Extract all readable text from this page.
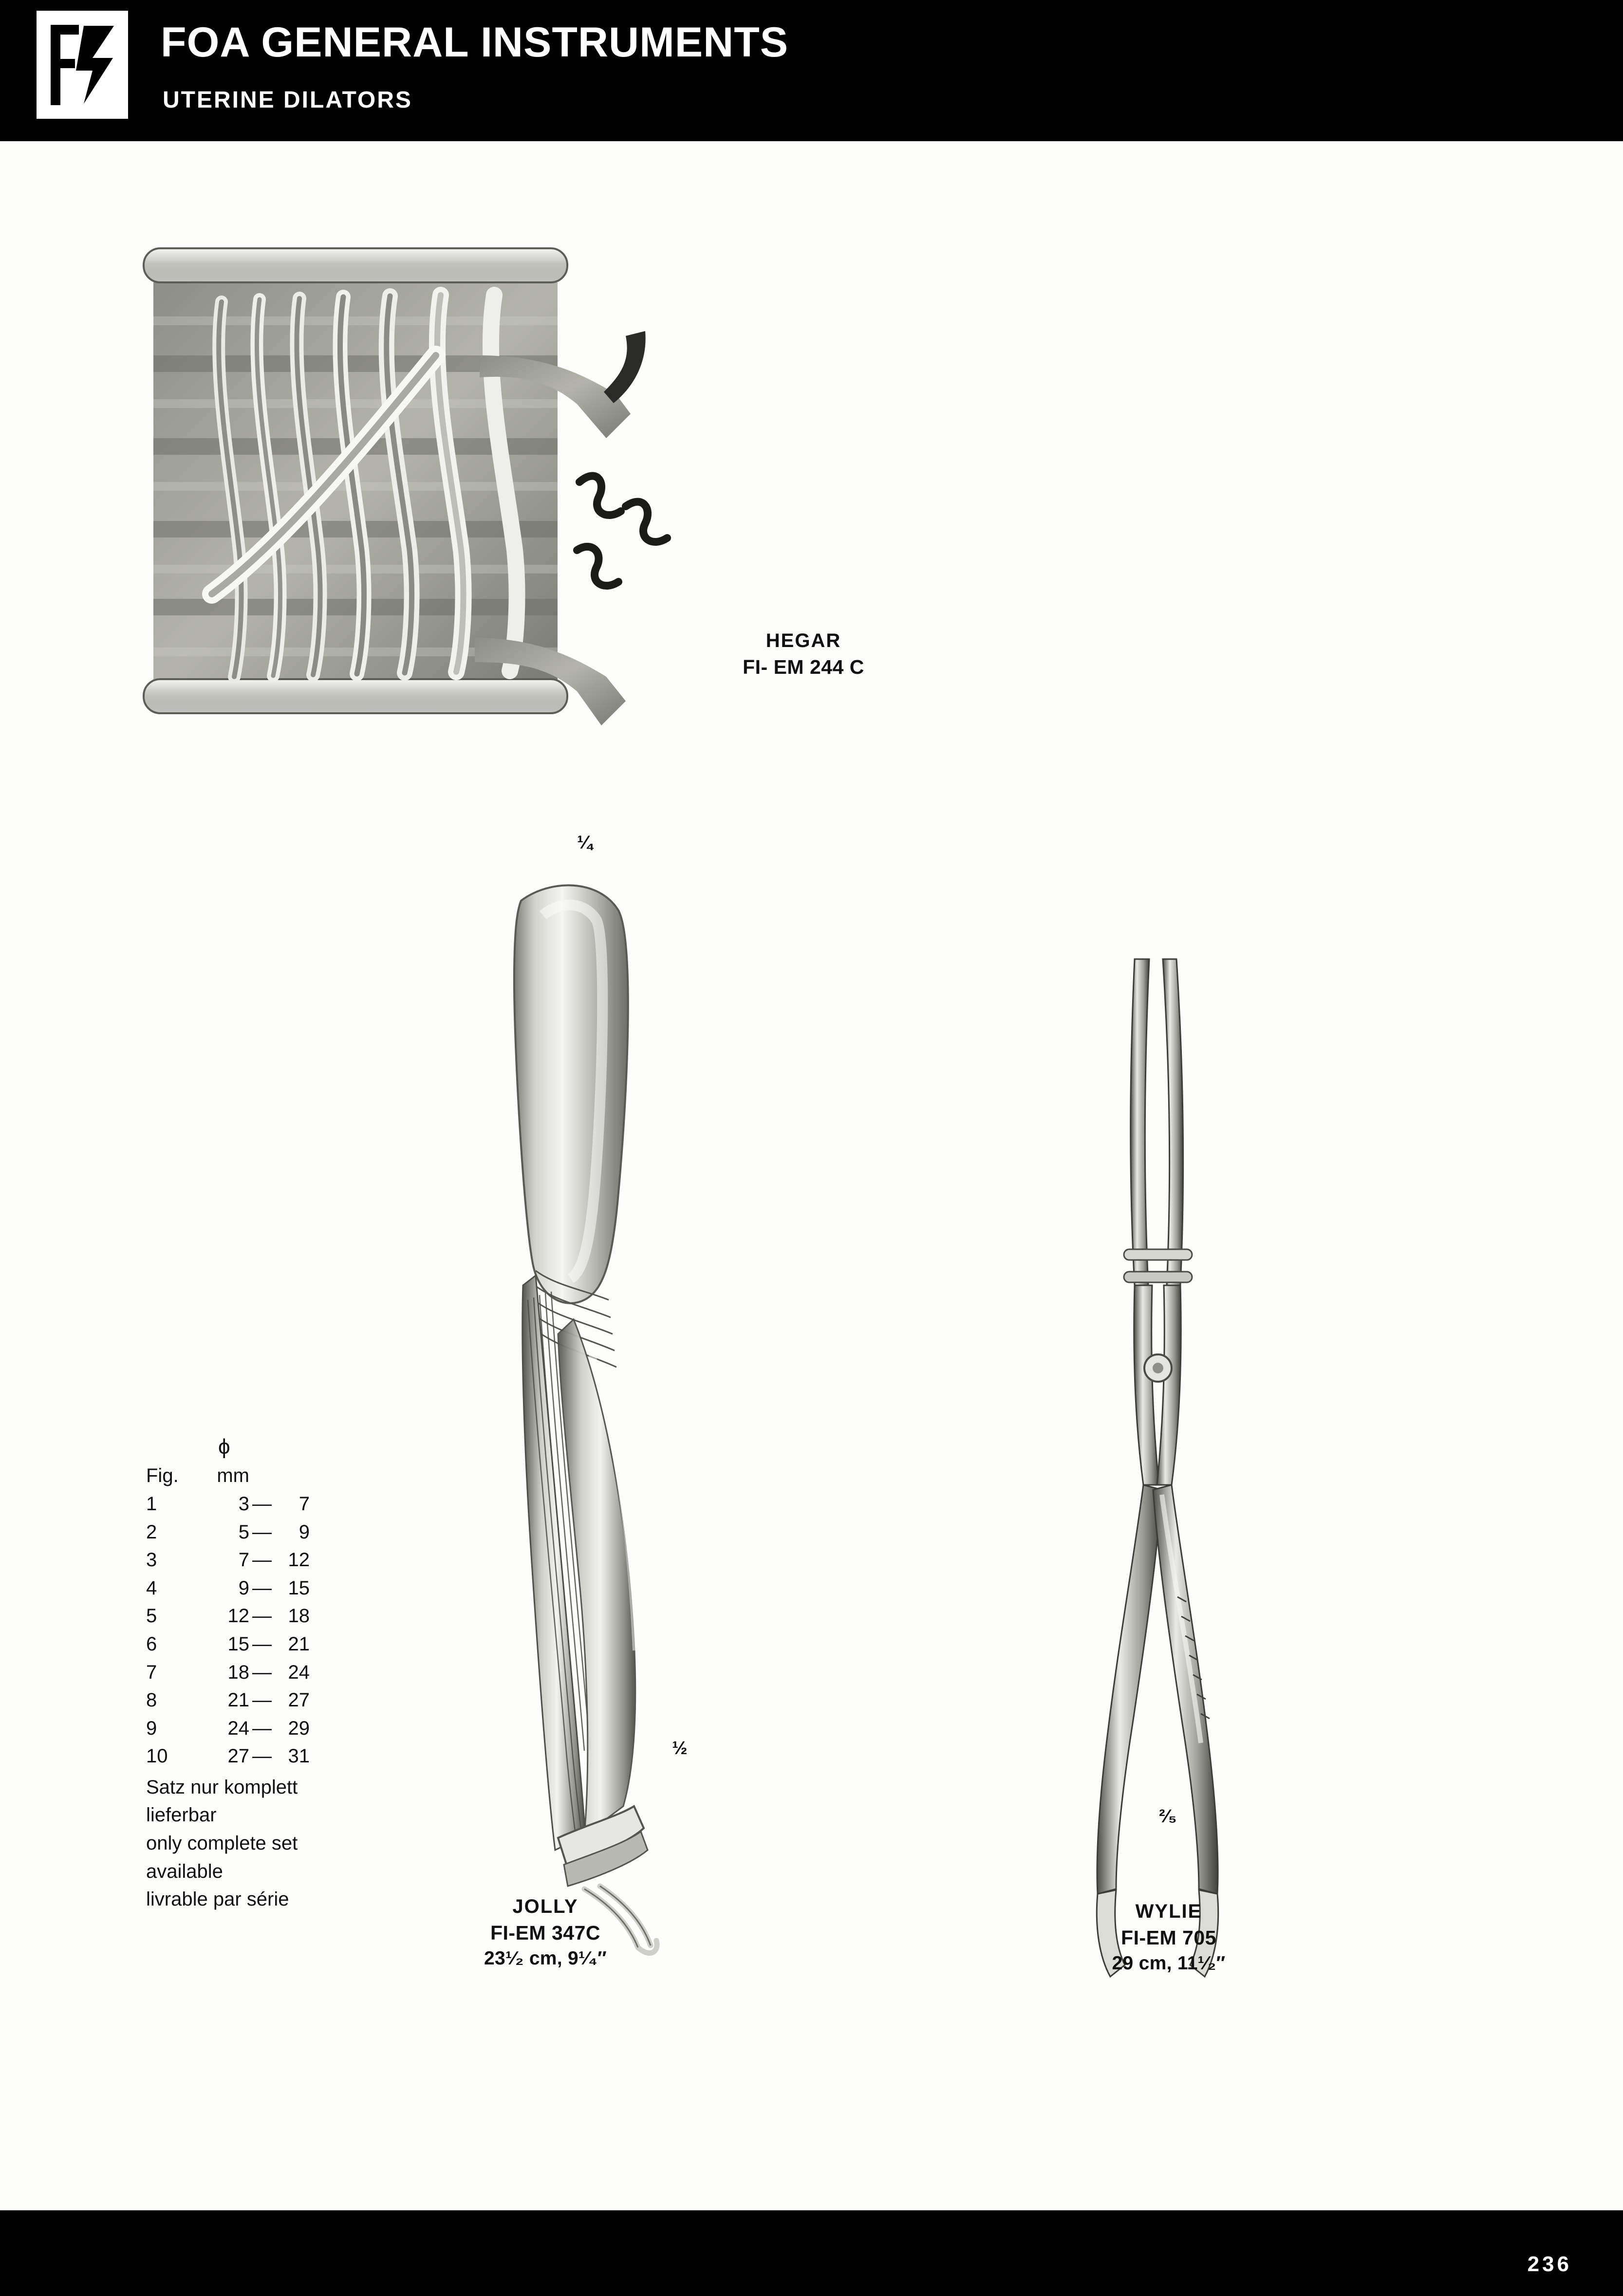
FOA GENERAL INSTRUMENTS
UTERINE DILATORS
¼
HEGAR
FI- EM 244 C
ϕ
Fig.	mm
1	3 —	7
2	5 —	9
3	7 — 12
4	9 — 15
5	12 — 18
6	15 — 21
7	18 — 24
8	21 — 27
9	24 — 29
10	27 — 31
Satz nur komplett
lieferbar
only complete set
available
livrable par série
½
JOLLY
FI-EM 347C
23¹⁄₂ cm, 9¹⁄₄″
²⁄₅
WYLIE
FI-EM 705
29 cm, 11¹⁄₂″
236
